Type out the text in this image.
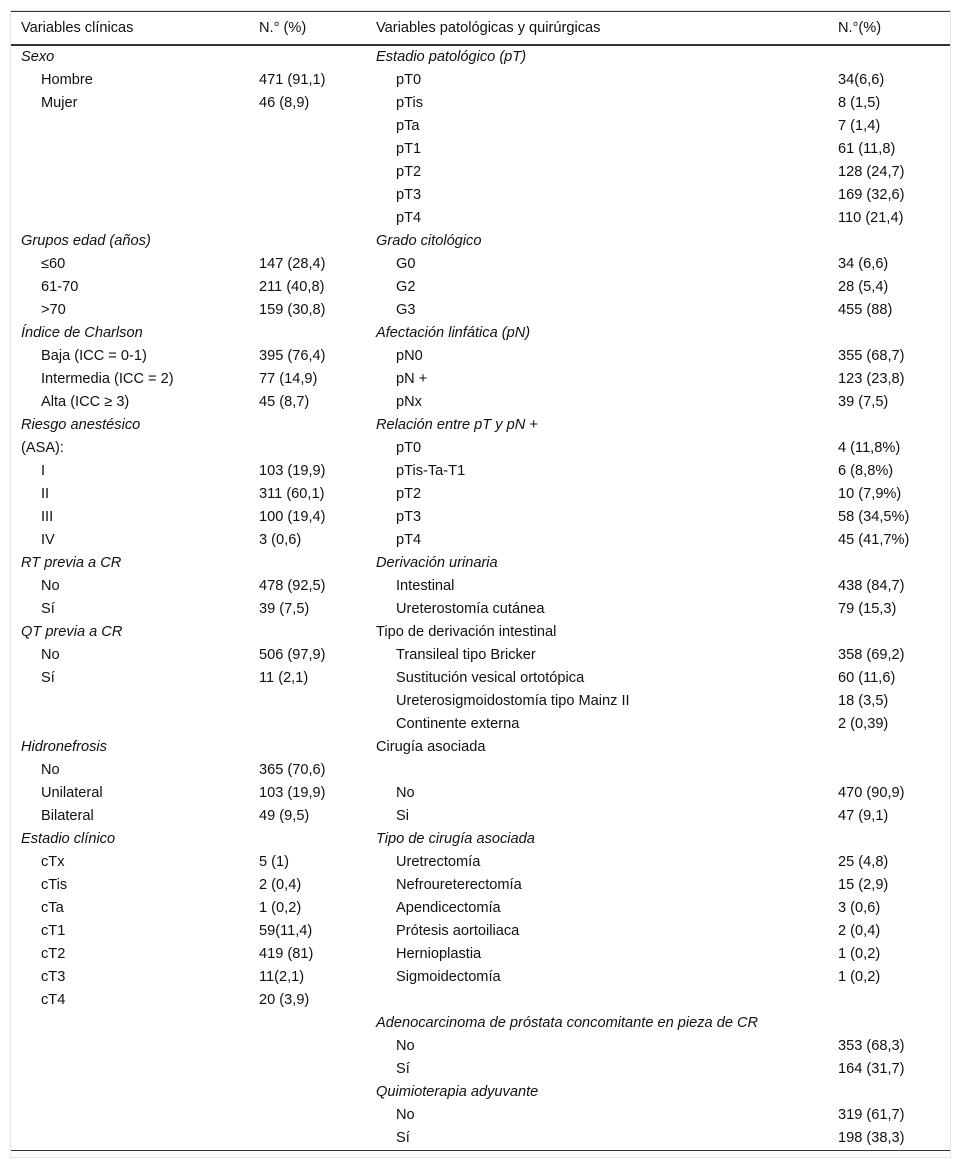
Variables clínicas	N.° (%)	Variables patológicas y quirúrgicas	N.°(%)
Sexo		Estadio patológico (pT)	
Hombre	471 (91,1)	pT0	34(6,6)
Mujer	46 (8,9)	pTis	8 (1,5)
		pTa	7 (1,4)
		pT1	61 (11,8)
		pT2	128 (24,7)
		pT3	169 (32,6)
		pT4	110 (21,4)
Grupos edad (años)		Grado citológico	
≤60	147 (28,4)	G0	34 (6,6)
61-70	211 (40,8)	G2	28 (5,4)
>70	159 (30,8)	G3	455 (88)
Índice de Charlson		Afectación linfática (pN)	
Baja (ICC = 0-1)	395 (76,4)	pN0	355 (68,7)
Intermedia (ICC = 2)	77 (14,9)	pN +	123 (23,8)
Alta (ICC ≥ 3)	45 (8,7)	pNx	39 (7,5)
Riesgo anestésico		Relación entre pT y pN +	
(ASA):		pT0	4 (11,8%)
I	103 (19,9)	pTis-Ta-T1	6 (8,8%)
II	311 (60,1)	pT2	10 (7,9%)
III	100 (19,4)	pT3	58 (34,5%)
IV	3 (0,6)	pT4	45 (41,7%)
RT previa a CR		Derivación urinaria	
No	478 (92,5)	Intestinal	438 (84,7)
Sí	39 (7,5)	Ureterostomía cutánea	79 (15,3)
QT previa a CR		Tipo de derivación intestinal	
No	506 (97,9)	Transileal tipo Bricker	358 (69,2)
Sí	11 (2,1)	Sustitución vesical ortotópica	60 (11,6)
		Ureterosigmoidostomía tipo Mainz II	18 (3,5)
		Continente externa	2 (0,39)
Hidronefrosis		Cirugía asociada	
No	365 (70,6)		
Unilateral	103 (19,9)	No	470 (90,9)
Bilateral	49 (9,5)	Si	47 (9,1)
Estadio clínico		Tipo de cirugía asociada	
cTx	5 (1)	Uretrectomía	25 (4,8)
cTis	2 (0,4)	Nefroureterectomía	15 (2,9)
cTa	1 (0,2)	Apendicectomía	3 (0,6)
cT1	59(11,4)	Prótesis aortoiliaca	2 (0,4)
cT2	419 (81)	Hernioplastia	1 (0,2)
cT3	11(2,1)	Sigmoidectomía	1 (0,2)
cT4	20 (3,9)		
		Adenocarcinoma de próstata concomitante en pieza de CR	
		No	353 (68,3)
		Sí	164 (31,7)
		Quimioterapia adyuvante	
		No	319 (61,7)
		Sí	198 (38,3)
